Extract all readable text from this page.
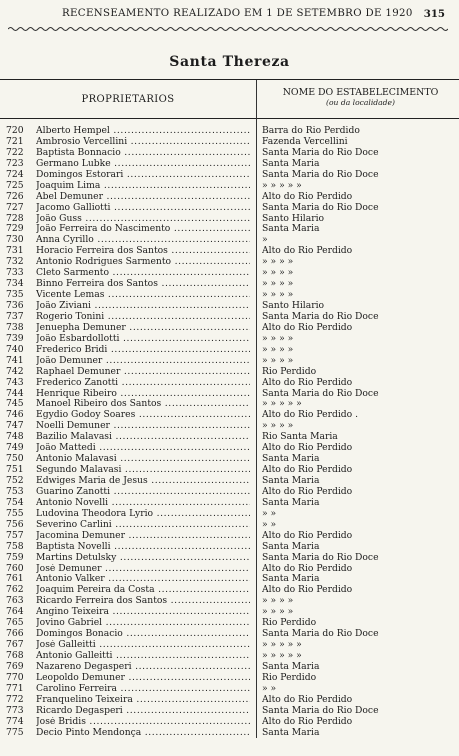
RECENSEAMENTO REALIZADO EM 1 DE SETEMBRO DE 1920 315
Santa Thereza
PROPRIETARIOS
NOME DO ESTABELECIMENTO
(ou da localidade)
720 Alberto Hempel .....	Barra do Rio Perdido
721 Ambrosio Vercellini .....	Fazenda Vercellini
722 Baptista Bonnacio .....	Santa Maria do Rio Doce
723 Germano Lubke .....	Santa Maria
724 Domingos Estorari .....	Santa Maria do Rio Doce
725 Joaquim Lima .....	» » » » »
726 Abel Demuner .....	Alto do Rio Perdido
727 Jacomo Galliotti .....	Santa Maria do Rio Doce
728 João Guss .....	Santo Hilario
729 João Ferreira do Nascimento .....	Santa Maria
730 Anna Cyrillo .....	»
731 Horacio Ferreira dos Santos .....	Alto do Rio Perdido
732 Antonio Rodrigues Sarmento .....	» » » »
733 Cleto Sarmento .....	» » » »
734 Binno Ferreira dos Santos .....	» » » »
735 Vicente Lemas .....	» » » »
736 João Ziviani .....	Santo Hilario
737 Rogerio Tonini .....	Santa Maria do Rio Doce
738 Jenuepha Demuner .....	Alto do Rio Perdido
739 João Esbardollotti .....	» » » »
740 Frederico Bridi .....	» » » »
741 João Demuner .....	» » » »
742 Raphael Demuner .....	Rio Perdido
743 Frederico Zanotti .....	Alto do Rio Perdido
744 Henrique Ribeiro .....	Santa Maria do Rio Doce
745 Manoel Ribeiro dos Santos .....	» » » » »
746 Egydio Godoy Soares .....	Alto do Rio Perdido .
747 Noelli Demuner .....	» » » »
748 Bazilio Malavasi .....	Rio Santa Maria
749 João Mattedi .....	Alto do Rio Perdido
750 Antonio Malavasi .....	Santa Maria
751 Segundo Malavasi .....	Alto do Rio Perdido
752 Edwiges Maria de Jesus .....	Santa Maria
753 Guarino Zanotti .....	Alto do Rio Perdido
754 Antonio Novelli .....	Santa Maria
755 Ludovina Theodora Lyrio .....	» »
756 Severino Carlini .....	» »
757 Jacomina Demuner .....	Alto do Rio Perdido
758 Baptista Novelli .....	Santa Maria
759 Martins Detulsky .....	Santa Maria do Rio Doce
760 José Demuner .....	Alto do Rio Perdido
761 Antonio Valker .....	Santa Maria
762 Joaquim Pereira da Costa .....	Alto do Rio Perdido
763 Ricardo Ferreira dos Santos .....	» » » »
764 Angino Teixeira .....	» » » »
765 Jovino Gabriel .....	Rio Perdido
766 Domingos Bonacio .....	Santa Maria do Rio Doce
767 José Galleitti .....	» » » » »
768 Antonio Galleitti .....	» » » » »
769 Nazareno Degasperi .....	Santa Maria
770 Leopoldo Demuner .....	Rio Perdido
771 Carolino Ferreira .....	» »
772 Franquelino Teixeira .....	Alto do Rio Perdido
773 Ricardo Degasperi .....	Santa Maria do Rio Doce
774 José Bridis .....	Alto do Rio Perdido
775 Decio Pinto Mendonça .....	Santa Maria
